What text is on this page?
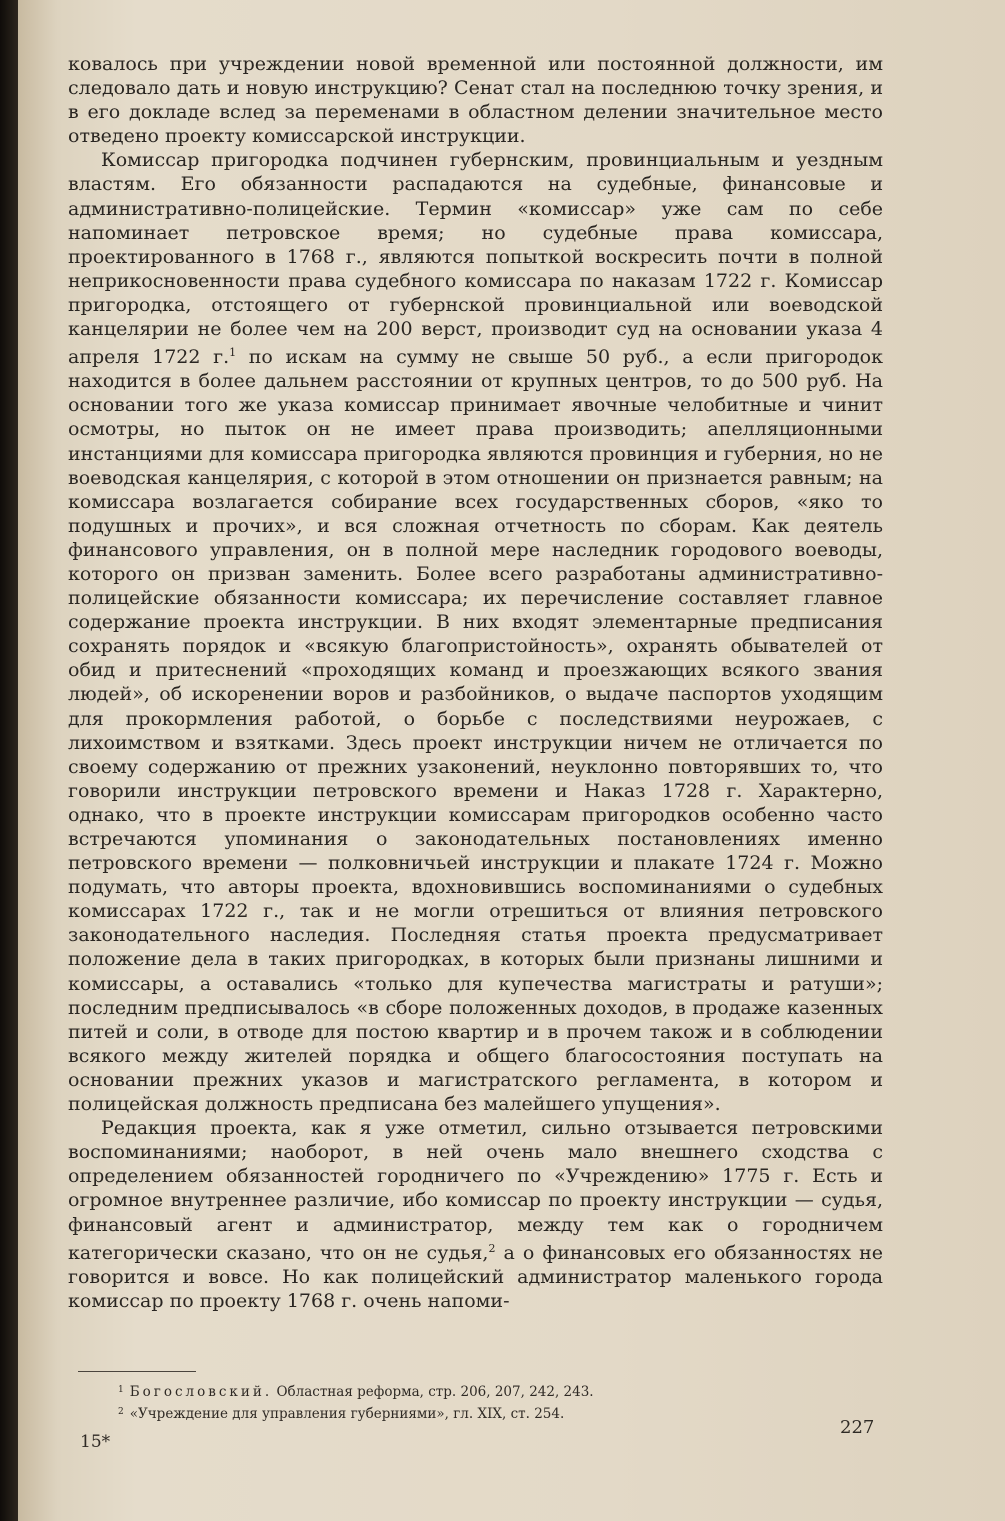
ковалось при учреждении новой временной или постоянной должности, им следовало дать и новую инструкцию? Сенат стал на последнюю точку зрения, и в его докладе вслед за переменами в областном делении значительное место отведено проекту комиссарской инструкции.

Комиссар пригородка подчинен губернским, провинциальным и уездным властям. Его обязанности распадаются на судебные, финансовые и административно-полицейские. Термин «комиссар» уже сам по себе напоминает петровское время; но судебные права комиссара, проектированного в 1768 г., являются попыткой воскресить почти в полной неприкосновенности права судебного комиссара по наказам 1722 г. Комиссар пригородка, отстоящего от губернской провинциальной или воеводской канцелярии не более чем на 200 верст, производит суд на основании указа 4 апреля 1722 г.$^1$ по искам на сумму не свыше 50 руб., а если пригородок находится в более дальнем расстоянии от крупных центров, то до 500 руб. На основании того же указа комиссар принимает явочные челобитные и чинит осмотры, но пыток он не имеет права производить; апелляционными инстанциями для комиссара пригородка являются провинция и губерния, но не воеводская канцелярия, с которой в этом отношении он признается равным; на комиссара возлагается собирание всех государственных сборов, «яко то подушных и прочих», и вся сложная отчетность по сборам. Как деятель финансового управления, он в полной мере наследник городового воеводы, которого он призван заменить. Более всего разработаны административно-полицейские обязанности комиссара; их перечисление составляет главное содержание проекта инструкции. В них входят элементарные предписания сохранять порядок и «всякую благопристойность», охранять обывателей от обид и притеснений «проходящих команд и проезжающих всякого звания людей», об искоренении воров и разбойников, о выдаче паспортов уходящим для прокормления работой, о борьбе с последствиями неурожаев, с лихоимством и взятками. Здесь проект инструкции ничем не отличается по своему содержанию от прежних узаконений, неуклонно повторявших то, что говорили инструкции петровского времени и Наказ 1728 г. Характерно, однако, что в проекте инструкции комиссарам пригородков особенно часто встречаются упоминания о законодательных постановлениях именно петровского времени — полковничьей инструкции и плакате 1724 г. Можно подумать, что авторы проекта, вдохновившись воспоминаниями о судебных комиссарах 1722 г., так и не могли отрешиться от влияния петровского законодательного наследия. Последняя статья проекта предусматривает положение дела в таких пригородках, в которых были признаны лишними и комиссары, а оставались «только для купечества магистраты и ратуши»; последним предписывалось «в сборе положенных доходов, в продаже казенных питей и соли, в отводе для постою квартир и в прочем також и в соблюдении всякого между жителей порядка и общего благосостояния поступать на основании прежних указов и магистратского регламента, в котором и полицейская должность предписана без малейшего упущения».

Редакция проекта, как я уже отметил, сильно отзывается петровскими воспоминаниями; наоборот, в ней очень мало внешнего сходства с определением обязанностей городничего по «Учреждению» 1775 г. Есть и огромное внутреннее различие, ибо комиссар по проекту инструкции — судья, финансовый агент и администратор, между тем как о городничем категорически сказано, что он не судья,$^2$ а о финансовых его обязанностях не говорится и вовсе. Но как полицейский администратор маленького города комиссар по проекту 1768 г. очень напоми-

$^1$ Богословский. Областная реформа, стр. 206, 207, 242, 243.
$^2$ «Учреждение для управления губерниями», гл. XIX, ст. 254.
15*
227
